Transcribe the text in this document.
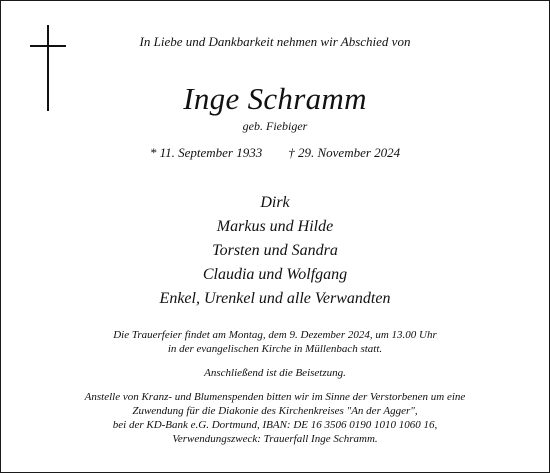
In Liebe und Dankbarkeit nehmen wir Abschied von
Inge Schramm
geb. Fiebiger
* 11. September 1933 † 29. November 2024
Dirk
Markus und Hilde
Torsten und Sandra
Claudia und Wolfgang
Enkel, Urenkel und alle Verwandten
Die Trauerfeier findet am Montag, dem 9. Dezember 2024, um 13.00 Uhr
in der evangelischen Kirche in Müllenbach statt.
Anschließend ist die Beisetzung.
Anstelle von Kranz- und Blumenspenden bitten wir im Sinne der Verstorbenen um eine
Zuwendung für die Diakonie des Kirchenkreises "An der Agger",
bei der KD-Bank e.G. Dortmund, IBAN: DE 16 3506 0190 1010 1060 16,
Verwendungszweck: Trauerfall Inge Schramm.
